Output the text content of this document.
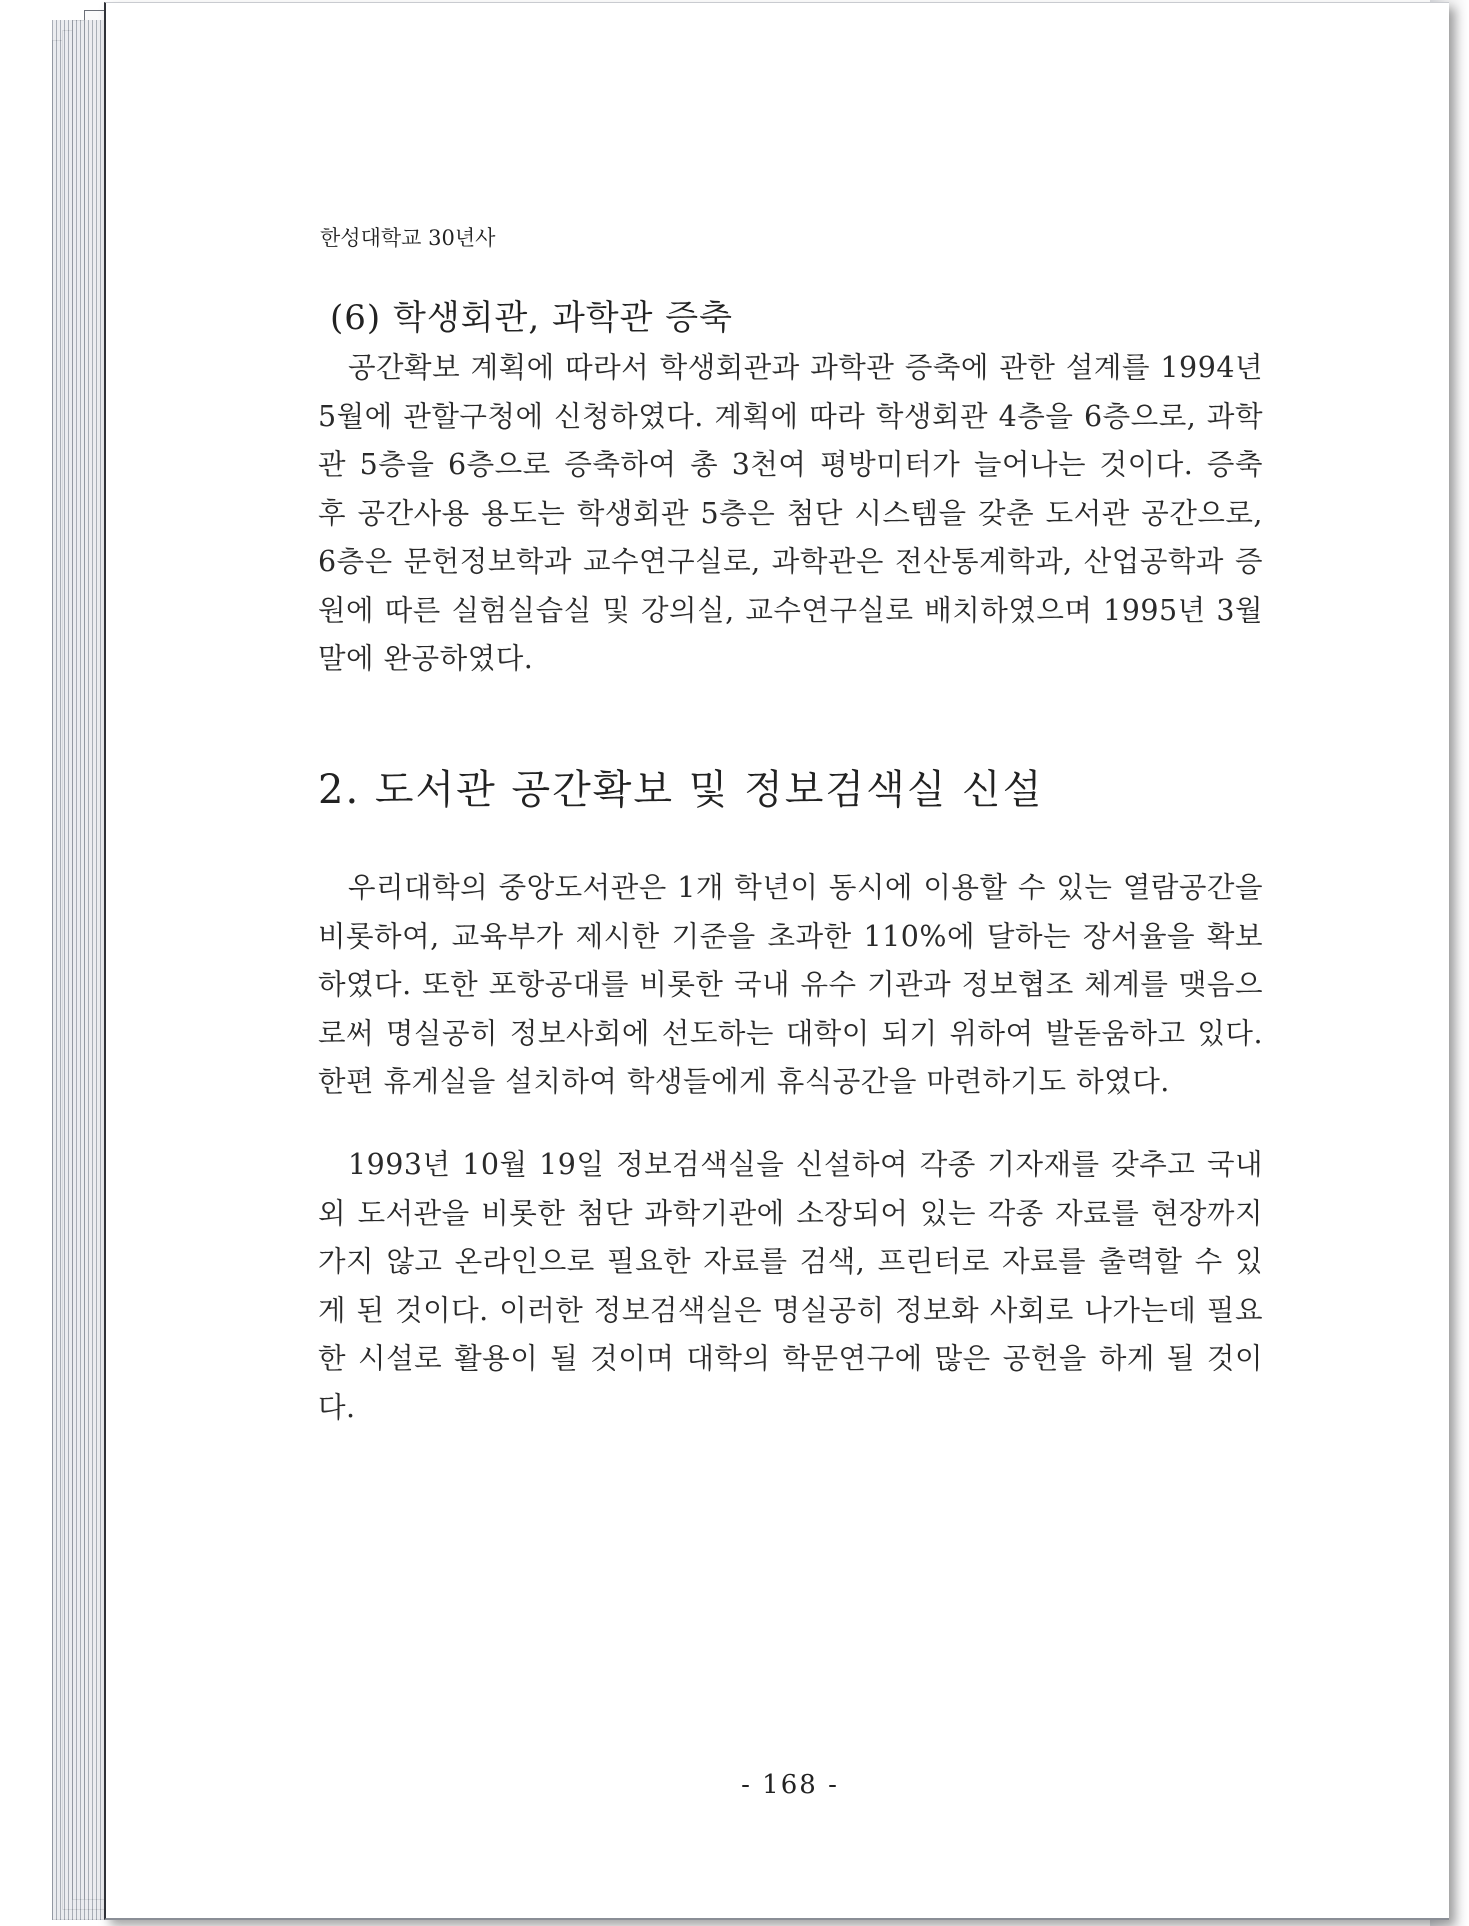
한성대학교 30년사
(6) 학생회관, 과학관 증축

공간확보 계획에 따라서 학생회관과 과학관 증축에 관한 설계를 1994년 5월에 관할구청에 신청하였다. 계획에 따라 학생회관 4층을 6층으로, 과학관 5층을 6층으로 증축하여 총 3천여 평방미터가 늘어나는 것이다. 증축 후 공간사용 용도는 학생회관 5층은 첨단 시스템을 갖춘 도서관 공간으로, 6층은 문헌정보학과 교수연구실로, 과학관은 전산통계학과, 산업공학과 증원에 따른 실험실습실 및 강의실, 교수연구실로 배치하였으며 1995년 3월말에 완공하였다.

2. 도서관 공간확보 및 정보검색실 신설

우리대학의 중앙도서관은 1개 학년이 동시에 이용할 수 있는 열람공간을 비롯하여, 교육부가 제시한 기준을 초과한 110%에 달하는 장서율을 확보하였다. 또한 포항공대를 비롯한 국내 유수 기관과 정보협조 체계를 맺음으로써 명실공히 정보사회에 선도하는 대학이 되기 위하여 발돋움하고 있다. 한편 휴게실을 설치하여 학생들에게 휴식공간을 마련하기도 하였다.

1993년 10월 19일 정보검색실을 신설하여 각종 기자재를 갖추고 국내외 도서관을 비롯한 첨단 과학기관에 소장되어 있는 각종 자료를 현장까지 가지 않고 온라인으로 필요한 자료를 검색, 프린터로 자료를 출력할 수 있게 된 것이다. 이러한 정보검색실은 명실공히 정보화 사회로 나가는데 필요한 시설로 활용이 될 것이며 대학의 학문연구에 많은 공헌을 하게 될 것이다.

- 168 -
